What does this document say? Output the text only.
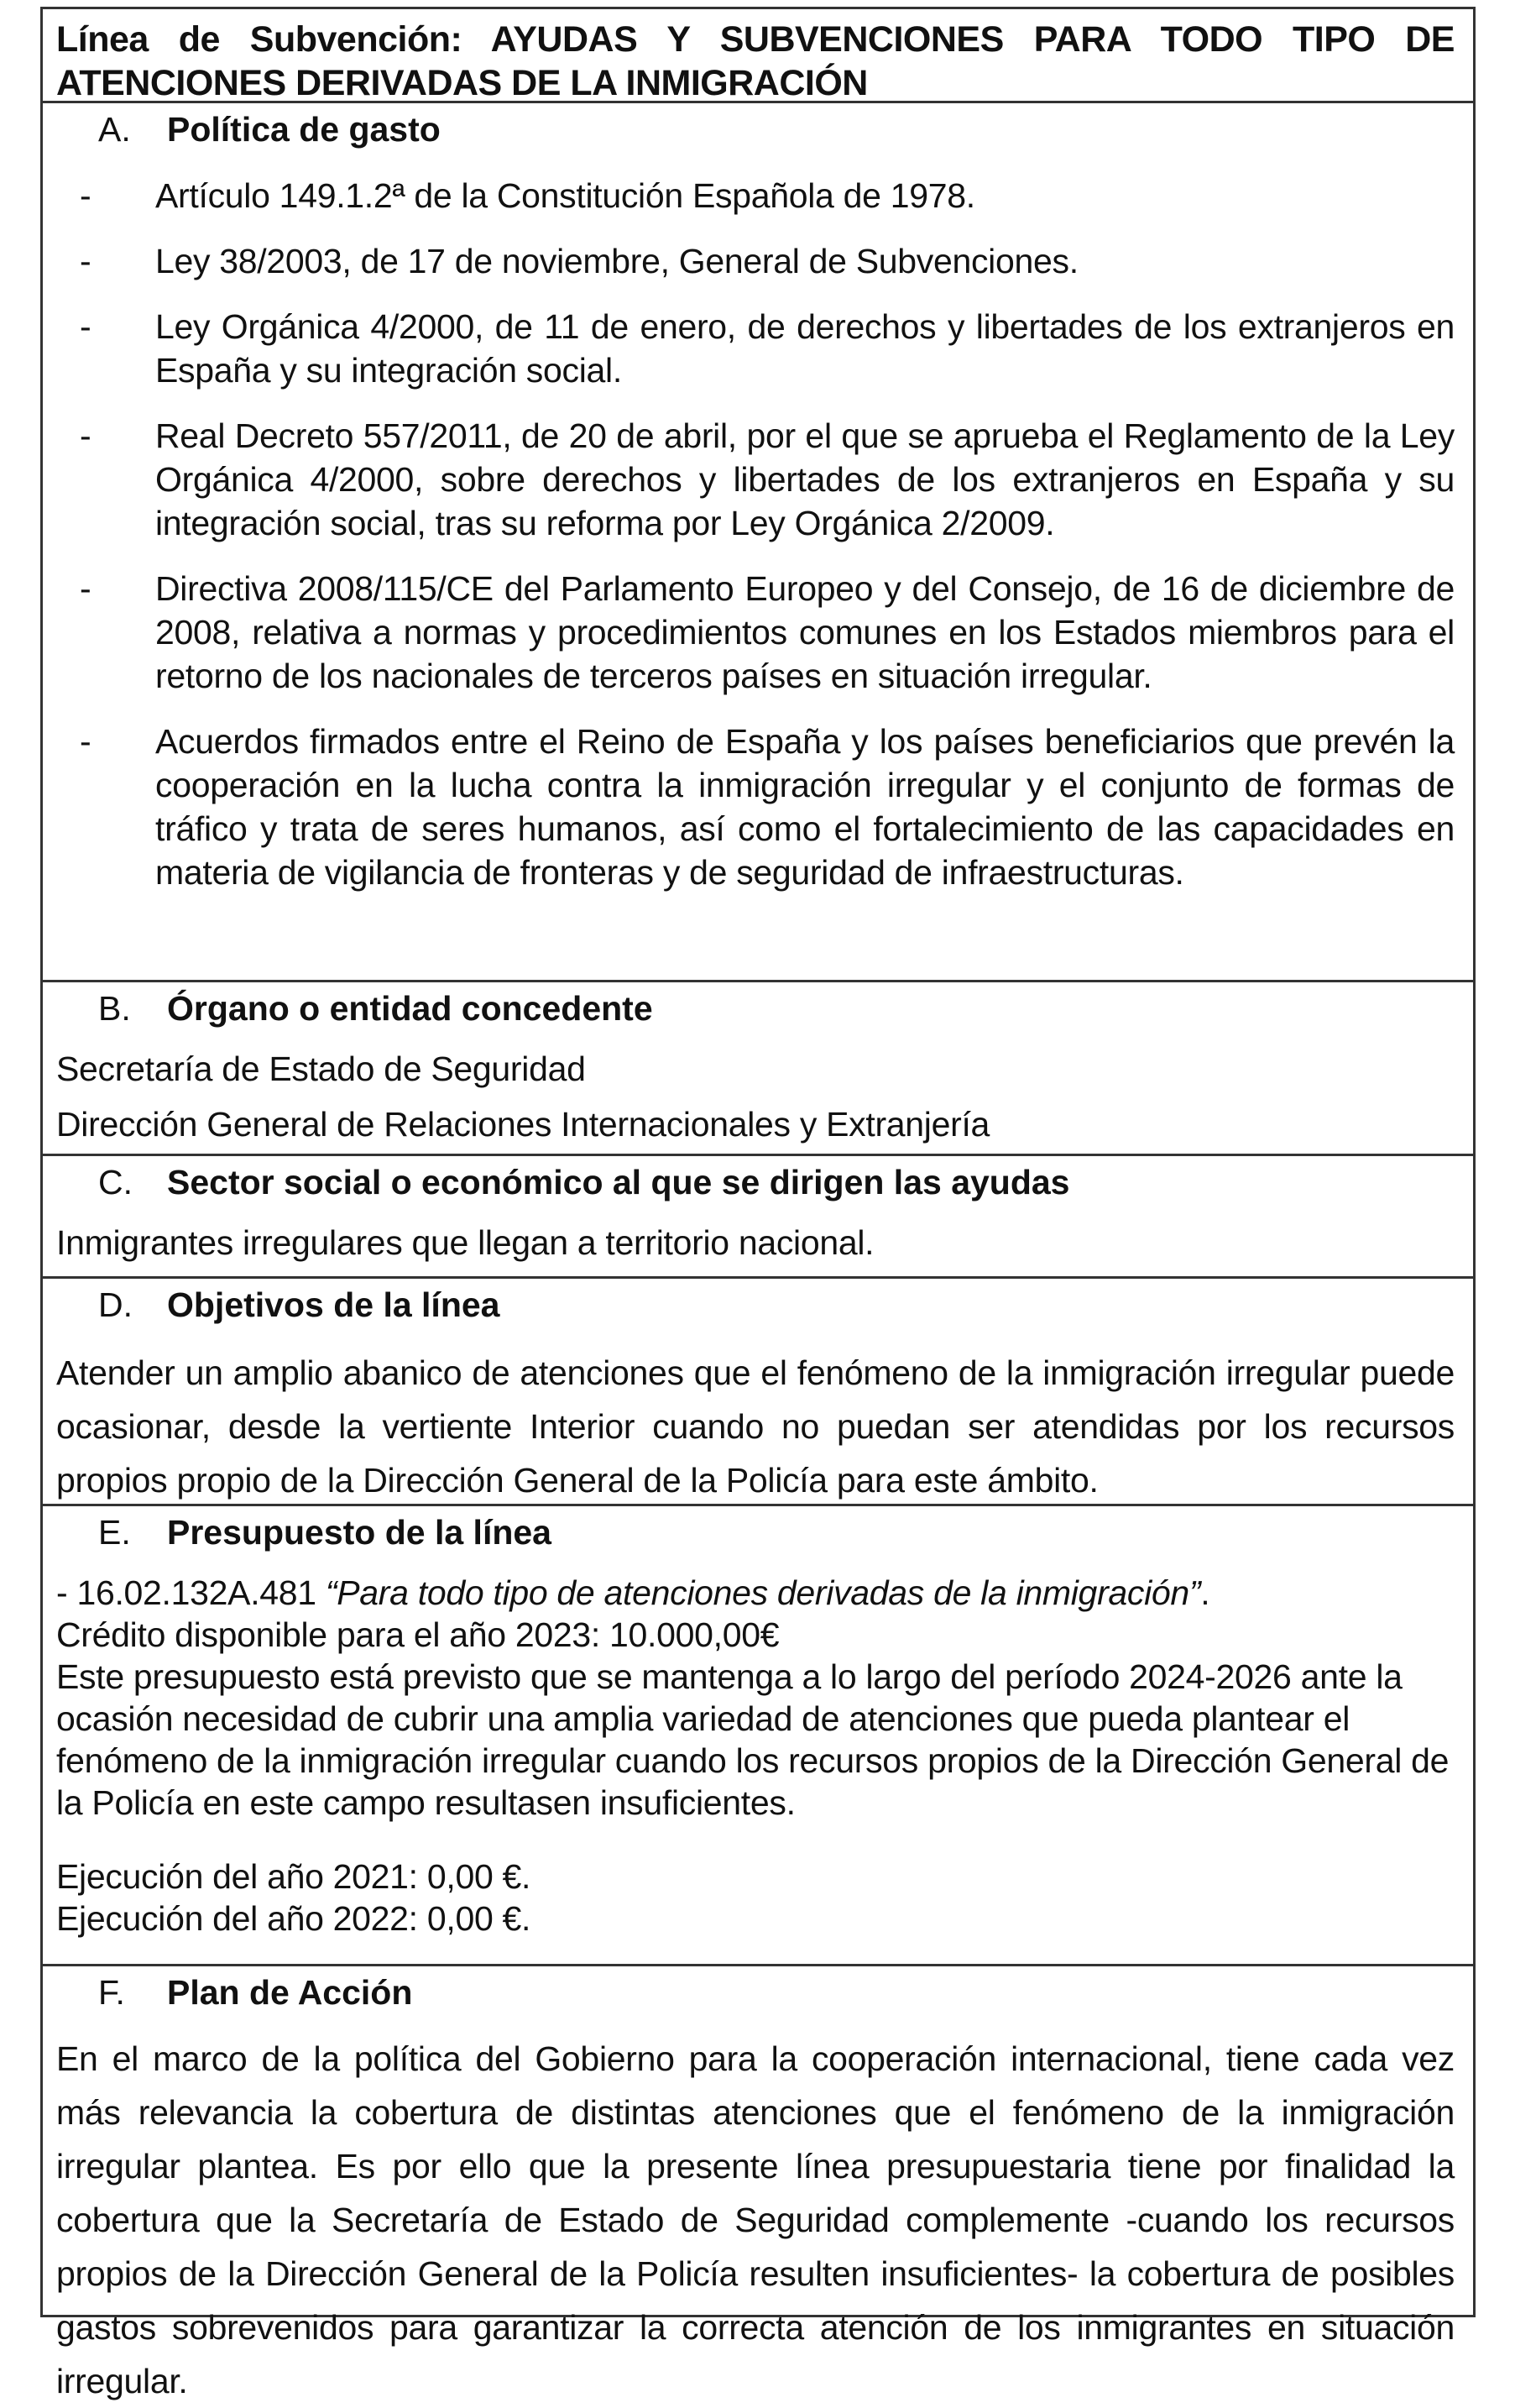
Línea de Subvención: AYUDAS Y SUBVENCIONES PARA TODO TIPO DE ATENCIONES DERIVADAS DE LA INMIGRACIÓN
A. Política de gasto
- Artículo 149.1.2ª de la Constitución Española de 1978.
- Ley 38/2003, de 17 de noviembre, General de Subvenciones.
- Ley Orgánica 4/2000, de 11 de enero, de derechos y libertades de los extranjeros en España y su integración social.
- Real Decreto 557/2011, de 20 de abril, por el que se aprueba el Reglamento de la Ley Orgánica 4/2000, sobre derechos y libertades de los extranjeros en España y su integración social, tras su reforma por Ley Orgánica 2/2009.
- Directiva 2008/115/CE del Parlamento Europeo y del Consejo, de 16 de diciembre de 2008, relativa a normas y procedimientos comunes en los Estados miembros para el retorno de los nacionales de terceros países en situación irregular.
- Acuerdos firmados entre el Reino de España y los países beneficiarios que prevén la cooperación en la lucha contra la inmigración irregular y el conjunto de formas de tráfico y trata de seres humanos, así como el fortalecimiento de las capacidades en materia de vigilancia de fronteras y de seguridad de infraestructuras.
B. Órgano o entidad concedente
Secretaría de Estado de Seguridad
Dirección General de Relaciones Internacionales y Extranjería
C. Sector social o económico al que se dirigen las ayudas
Inmigrantes irregulares que llegan a territorio nacional.
D. Objetivos de la línea
Atender un amplio abanico de atenciones que el fenómeno de la inmigración irregular puede ocasionar, desde la vertiente Interior cuando no puedan ser atendidas por los recursos propios propio de la Dirección General de la Policía para este ámbito.
E. Presupuesto de la línea
- 16.02.132A.481 “Para todo tipo de atenciones derivadas de la inmigración”.
Crédito disponible para el año 2023: 10.000,00€
Este presupuesto está previsto que se mantenga a lo largo del período 2024-2026 ante la ocasión necesidad de cubrir una amplia variedad de atenciones que pueda plantear el fenómeno de la inmigración irregular cuando los recursos propios de la Dirección General de la Policía en este campo resultasen insuficientes.
Ejecución del año 2021: 0,00 €.
Ejecución del año 2022: 0,00 €.
F. Plan de Acción
En el marco de la política del Gobierno para la cooperación internacional, tiene cada vez más relevancia la cobertura de distintas atenciones que el fenómeno de la inmigración irregular plantea. Es por ello que la presente línea presupuestaria tiene por finalidad la cobertura que la Secretaría de Estado de Seguridad complemente -cuando los recursos propios de la Dirección General de la Policía resulten insuficientes- la cobertura de posibles gastos sobrevenidos para garantizar la correcta atención de los inmigrantes en situación irregular.
